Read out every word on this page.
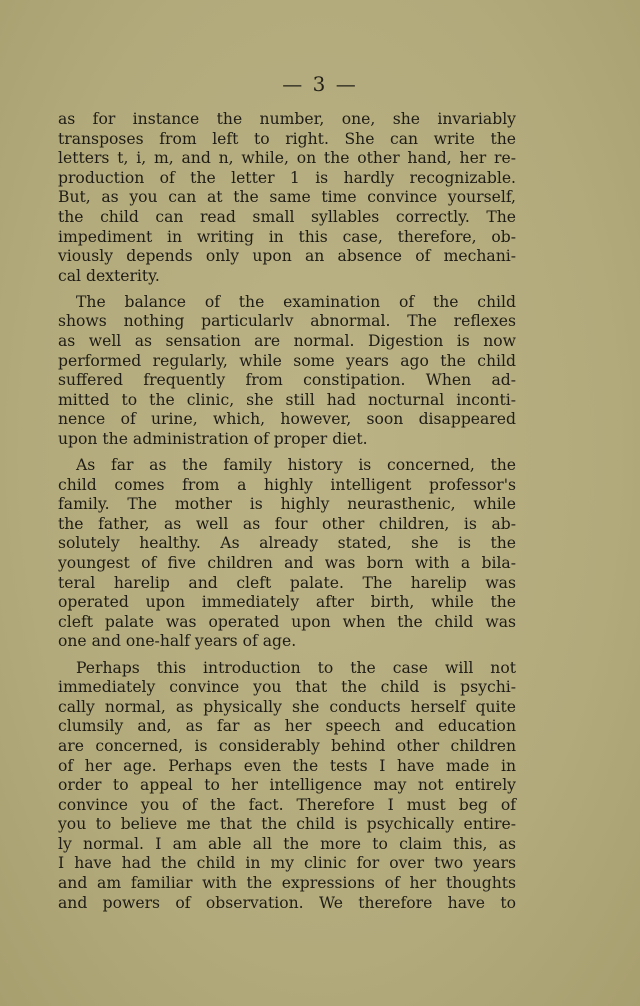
— 3 —
as for instance the number, one, she invariably
transposes from left to right. She can write the
letters t, i, m, and n, while, on the other hand, her re-
production of the letter 1 is hardly recognizable.
But, as you can at the same time convince yourself,
the child can read small syllables correctly. The
impediment in writing in this case, therefore, ob-
viously depends only upon an absence of mechani-
cal dexterity.
The balance of the examination of the child
shows nothing particularlv abnormal. The reflexes
as well as sensation are normal. Digestion is now
performed regularly, while some years ago the child
suffered frequently from constipation. When ad-
mitted to the clinic, she still had nocturnal inconti-
nence of urine, which, however, soon disappeared
upon the administration of proper diet.
As far as the family history is concerned, the
child comes from a highly intelligent professor's
family. The mother is highly neurasthenic, while
the father, as well as four other children, is ab-
solutely healthy. As already stated, she is the
youngest of five children and was born with a bila-
teral harelip and cleft palate. The harelip was
operated upon immediately after birth, while the
cleft palate was operated upon when the child was
one and one-half years of age.
Perhaps this introduction to the case will not
immediately convince you that the child is psychi-
cally normal, as physically she conducts herself quite
clumsily and, as far as her speech and education
are concerned, is considerably behind other children
of her age. Perhaps even the tests I have made in
order to appeal to her intelligence may not entirely
convince you of the fact. Therefore I must beg of
you to believe me that the child is psychically entire-
ly normal. I am able all the more to claim this, as
I have had the child in my clinic for over two years
and am familiar with the expressions of her thoughts
and powers of observation. We therefore have to
